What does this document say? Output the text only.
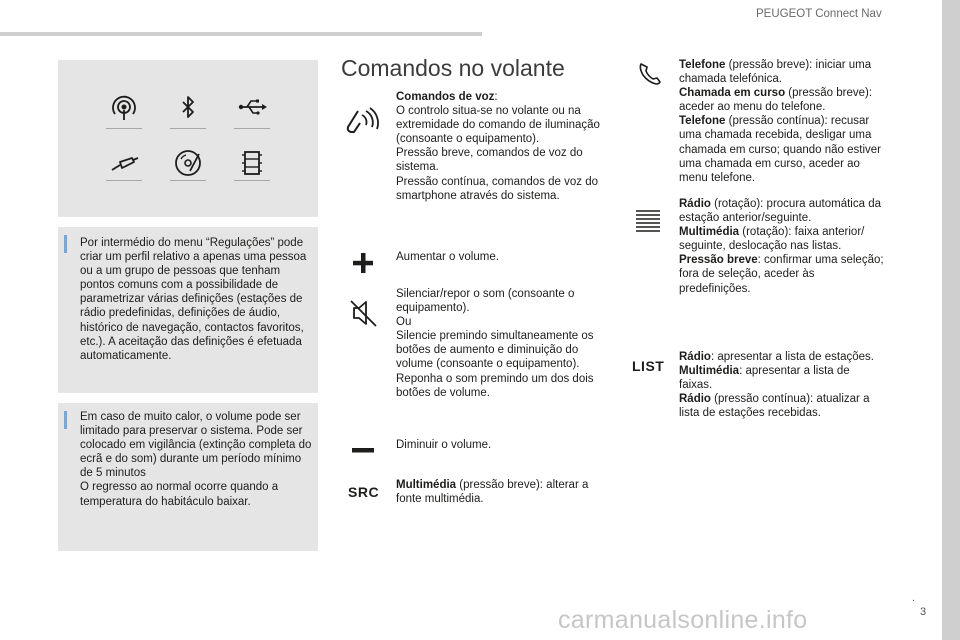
PEUGEOT Connect Nav
.
3
Por intermédio do menu “Regulações” pode criar um perfil relativo a apenas uma pessoa ou a um grupo de pessoas que tenham pontos comuns com a possibilidade de parametrizar várias definições (estações de rádio predefinidas, definições de áudio, histórico de navegação, contactos favoritos, etc.). A aceitação das definições é efetuada automaticamente.
Em caso de muito calor, o volume pode ser limitado para preservar o sistema. Pode ser colocado em vigilância (extinção completa do ecrã e do som) durante um período mínimo de 5 minutos
O regresso ao normal ocorre quando a temperatura do habitáculo baixar.
Comandos no volante
Comandos de voz:
O controlo situa-se no volante ou na extremidade do comando de iluminação (consoante o equipamento).
Pressão breve, comandos de voz do sistema.
Pressão contínua, comandos de voz do smartphone através do sistema.
Aumentar o volume.
Silenciar/repor o som (consoante o equipamento).
Ou
Silencie premindo simultaneamente os botões de aumento e diminuição do volume (consoante o equipamento).
Reponha o som premindo um dos dois botões de volume.
Diminuir o volume.
SRC Multimédia (pressão breve): alterar a fonte multimédia.
Telefone (pressão breve): iniciar uma chamada telefónica.
Chamada em curso (pressão breve): aceder ao menu do telefone.
Telefone (pressão contínua): recusar uma chamada recebida, desligar uma chamada em curso; quando não estiver uma chamada em curso, aceder ao menu telefone.
Rádio (rotação): procura automática da estação anterior/seguinte.
Multimédia (rotação): faixa anterior/ seguinte, deslocação nas listas.
Pressão breve: confirmar uma seleção; fora de seleção, aceder às predefinições.
LIST
Rádio: apresentar a lista de estações.
Multimédia: apresentar a lista de faixas.
Rádio (pressão contínua): atualizar a lista de estações recebidas.
carmanualsonline.info
